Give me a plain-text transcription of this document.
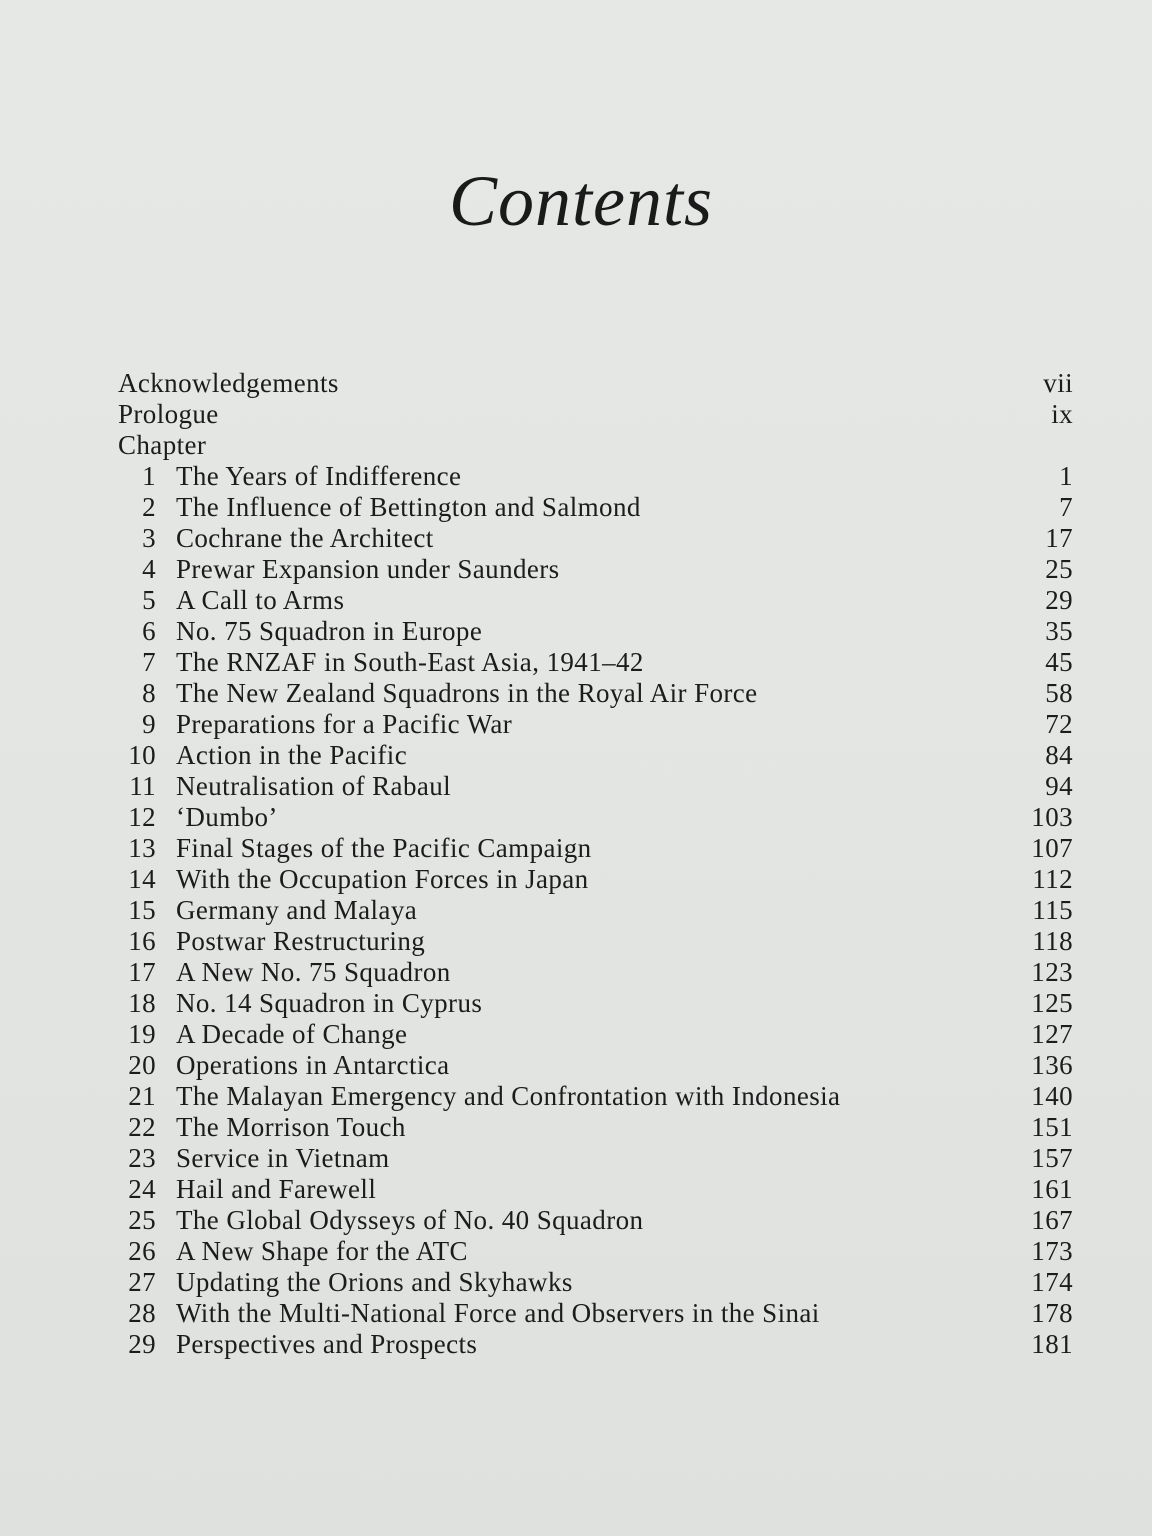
Contents
Acknowledgements	vii
Prologue	ix
Chapter
1 The Years of Indifference	1
2 The Influence of Bettington and Salmond	7
3 Cochrane the Architect	17
4 Prewar Expansion under Saunders	25
5 A Call to Arms	29
6 No. 75 Squadron in Europe	35
7 The RNZAF in South-East Asia, 1941–42	45
8 The New Zealand Squadrons in the Royal Air Force	58
9 Preparations for a Pacific War	72
10 Action in the Pacific	84
11 Neutralisation of Rabaul	94
12 ‘Dumbo’	103
13 Final Stages of the Pacific Campaign	107
14 With the Occupation Forces in Japan	112
15 Germany and Malaya	115
16 Postwar Restructuring	118
17 A New No. 75 Squadron	123
18 No. 14 Squadron in Cyprus	125
19 A Decade of Change	127
20 Operations in Antarctica	136
21 The Malayan Emergency and Confrontation with Indonesia	140
22 The Morrison Touch	151
23 Service in Vietnam	157
24 Hail and Farewell	161
25 The Global Odysseys of No. 40 Squadron	167
26 A New Shape for the ATC	173
27 Updating the Orions and Skyhawks	174
28 With the Multi-National Force and Observers in the Sinai	178
29 Perspectives and Prospects	181
